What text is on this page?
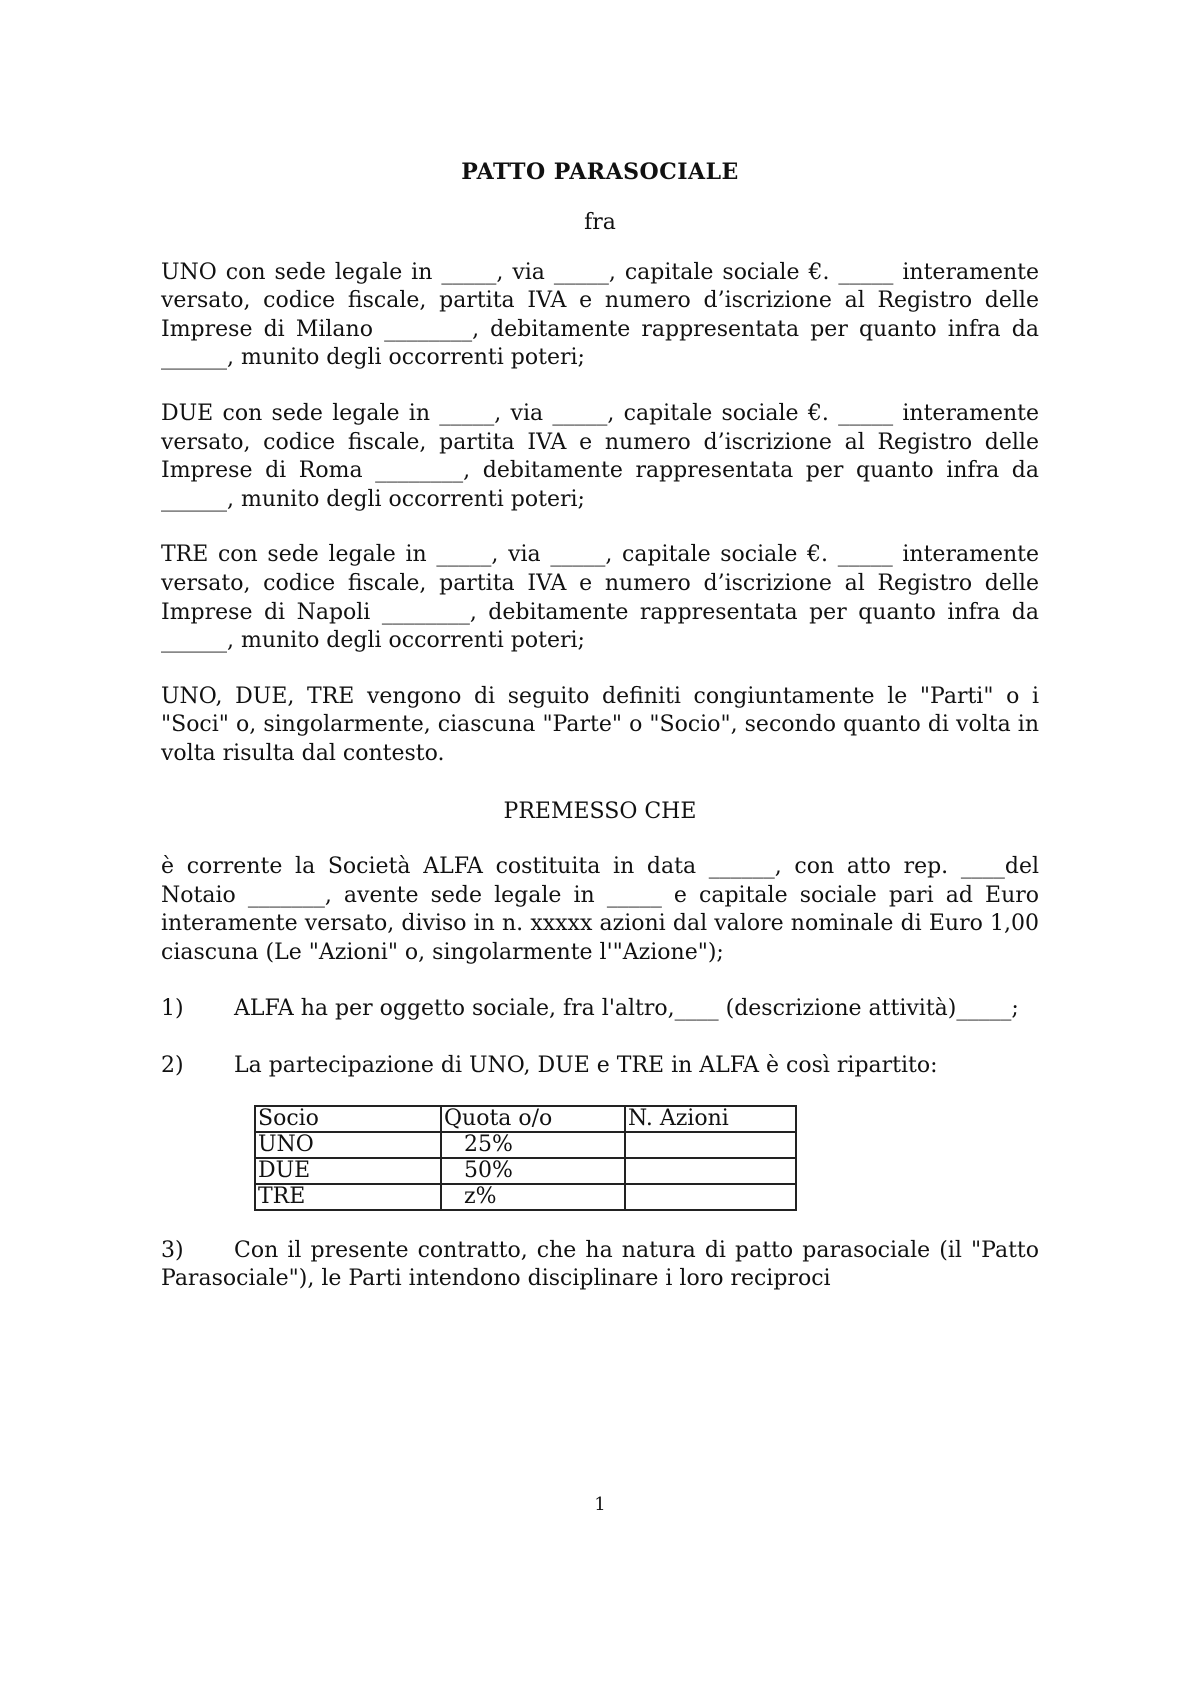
PATTO PARASOCIALE

fra

UNO con sede legale in _____, via _____, capitale sociale €. _____ interamente versato, codice fiscale, partita IVA e numero d’iscrizione al Registro delle Imprese di Milano ________, debitamente rappresentata per quanto infra da ______, munito degli occorrenti poteri;

DUE con sede legale in _____, via _____, capitale sociale €. _____ interamente versato, codice fiscale, partita IVA e numero d’iscrizione al Registro delle Imprese di Roma ________, debitamente rappresentata per quanto infra da ______, munito degli occorrenti poteri;

TRE con sede legale in _____, via _____, capitale sociale €. _____ interamente versato, codice fiscale, partita IVA e numero d’iscrizione al Registro delle Imprese di Napoli ________, debitamente rappresentata per quanto infra da ______, munito degli occorrenti poteri;

UNO, DUE, TRE vengono di seguito definiti congiuntamente le "Parti" o i "Soci" o, singolarmente, ciascuna "Parte" o "Socio", secondo quanto di volta in volta risulta dal contesto.

PREMESSO CHE

è corrente la Società ALFA costituita in data ______, con atto rep. ____del Notaio _______, avente sede legale in _____ e capitale sociale pari ad Euro interamente versato, diviso in n. xxxxx azioni dal valore nominale di Euro 1,00 ciascuna (Le "Azioni" o, singolarmente l'"Azione");

1) ALFA ha per oggetto sociale, fra l'altro,____ (descrizione attività)_____;

2) La partecipazione di UNO, DUE e TRE in ALFA è così ripartito:

Socio	Quota o/o	N. Azioni
UNO	25%	
DUE	50%	
TRE	z%	

3) Con il presente contratto, che ha natura di patto parasociale (il "Patto Parasociale"), le Parti intendono disciplinare i loro reciproci

1
